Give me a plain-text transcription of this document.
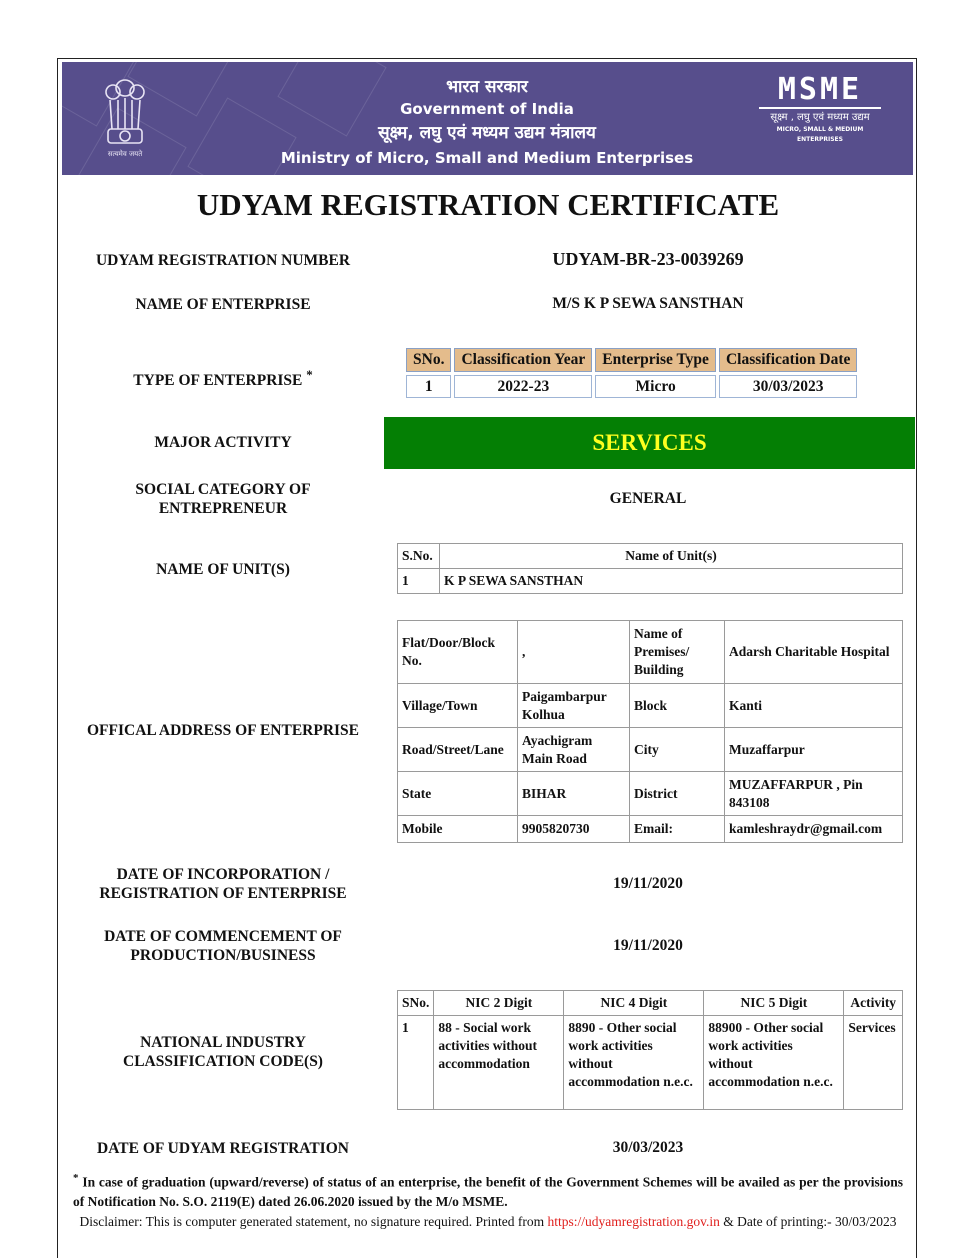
सत्यमेव जयते
भारत सरकार
Government of India
सूक्ष्म, लघु एवं मध्यम उद्यम मंत्रालय
Ministry of Micro, Small and Medium Enterprises
MSME
सूक्ष्म , लघु एवं मध्यम उद्यम
MICRO, SMALL & MEDIUM ENTERPRISES
UDYAM REGISTRATION CERTIFICATE
UDYAM REGISTRATION NUMBER	UDYAM-BR-23-0039269
NAME OF ENTERPRISE	M/S K P SEWA SANSTHAN
TYPE OF ENTERPRISE *
SNo.	Classification Year	Enterprise Type	Classification Date
1	2022-23	Micro	30/03/2023
MAJOR ACTIVITY	SERVICES
SOCIAL CATEGORY OF
ENTREPRENEUR
GENERAL
NAME OF UNIT(S)
S.No.	Name of Unit(s)
1	K P SEWA SANSTHAN
OFFICAL ADDRESS OF ENTERPRISE
Flat/Door/Block No.	,	Name of Premises/ Building	Adarsh Charitable Hospital
Village/Town	Paigambarpur Kolhua	Block	Kanti
Road/Street/Lane	Ayachigram Main Road	City	Muzaffarpur
State	BIHAR	District	MUZAFFARPUR , Pin 843108
Mobile	9905820730	Email:	kamleshraydr@gmail.com
DATE OF INCORPORATION /
REGISTRATION OF ENTERPRISE
19/11/2020
DATE OF COMMENCEMENT OF
PRODUCTION/BUSINESS
19/11/2020
NATIONAL INDUSTRY
CLASSIFICATION CODE(S)
SNo.	NIC 2 Digit	NIC 4 Digit	NIC 5 Digit	Activity
1	88 - Social work activities without accommodation	8890 - Other social work activities without accommodation n.e.c.	88900 - Other social work activities without accommodation n.e.c.	Services
DATE OF UDYAM REGISTRATION	30/03/2023
* In case of graduation (upward/reverse) of status of an enterprise, the benefit of the Government Schemes will be availed as per the provisions of Notification No. S.O. 2119(E) dated 26.06.2020 issued by the M/o MSME.
Disclaimer: This is computer generated statement, no signature required. Printed from https://udyamregistration.gov.in & Date of printing:- 30/03/2023
